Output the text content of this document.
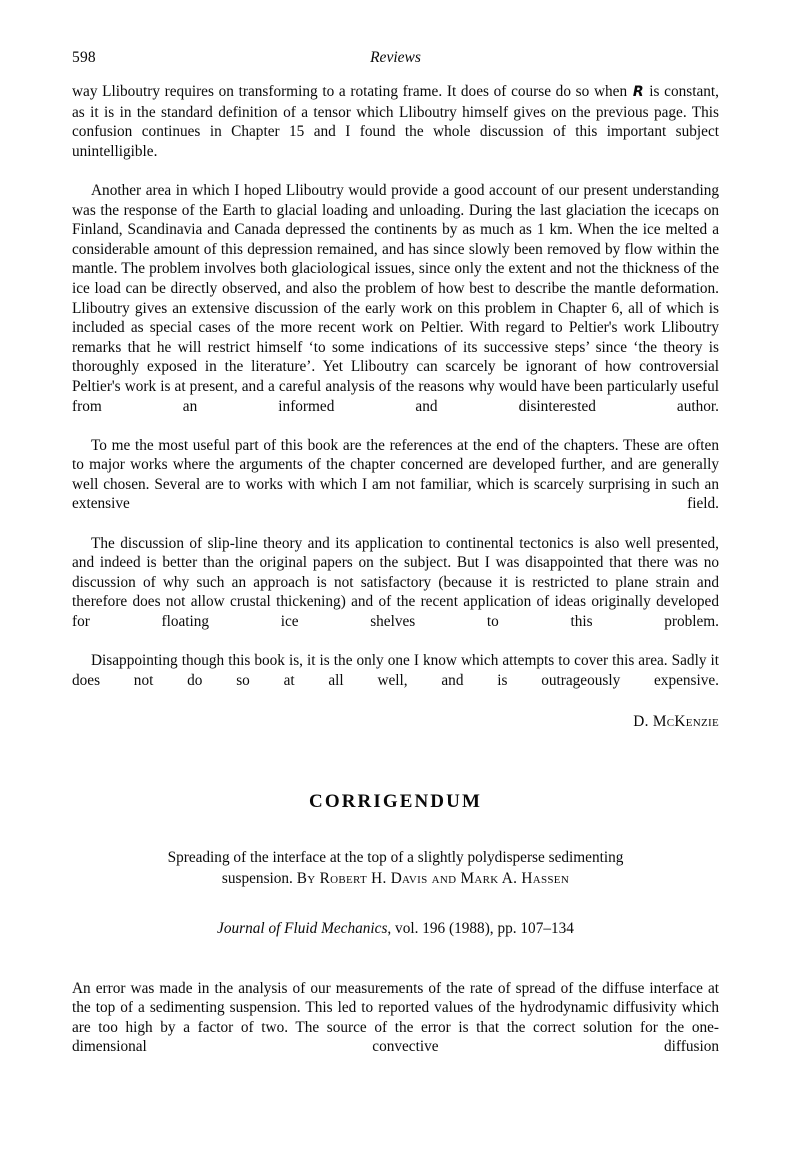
598	Reviews

way Lliboutry requires on transforming to a rotating frame. It does of course do so when R is constant, as it is in the standard definition of a tensor which Lliboutry himself gives on the previous page. This confusion continues in Chapter 15 and I found the whole discussion of this important subject unintelligible.

Another area in which I hoped Lliboutry would provide a good account of our present understanding was the response of the Earth to glacial loading and unloading. During the last glaciation the icecaps on Finland, Scandinavia and Canada depressed the continents by as much as 1 km. When the ice melted a considerable amount of this depression remained, and has since slowly been removed by flow within the mantle. The problem involves both glaciological issues, since only the extent and not the thickness of the ice load can be directly observed, and also the problem of how best to describe the mantle deformation. Lliboutry gives an extensive discussion of the early work on this problem in Chapter 6, all of which is included as special cases of the more recent work on Peltier. With regard to Peltier's work Lliboutry remarks that he will restrict himself ‘to some indications of its successive steps’ since ‘the theory is thoroughly exposed in the literature’. Yet Lliboutry can scarcely be ignorant of how controversial Peltier's work is at present, and a careful analysis of the reasons why would have been particularly useful from an informed and disinterested author.

To me the most useful part of this book are the references at the end of the chapters. These are often to major works where the arguments of the chapter concerned are developed further, and are generally well chosen. Several are to works with which I am not familiar, which is scarcely surprising in such an extensive field.

The discussion of slip-line theory and its application to continental tectonics is also well presented, and indeed is better than the original papers on the subject. But I was disappointed that there was no discussion of why such an approach is not satisfactory (because it is restricted to plane strain and therefore does not allow crustal thickening) and of the recent application of ideas originally developed for floating ice shelves to this problem.

Disappointing though this book is, it is the only one I know which attempts to cover this area. Sadly it does not do so at all well, and is outrageously expensive.

D. McKenzie

CORRIGENDUM

Spreading of the interface at the top of a slightly polydisperse sedimenting
suspension. By Robert H. Davis and Mark A. Hassen

Journal of Fluid Mechanics, vol. 196 (1988), pp. 107–134

An error was made in the analysis of our measurements of the rate of spread of the diffuse interface at the top of a sedimenting suspension. This led to reported values of the hydrodynamic diffusivity which are too high by a factor of two. The source of the error is that the correct solution for the one-dimensional convective diffusion
